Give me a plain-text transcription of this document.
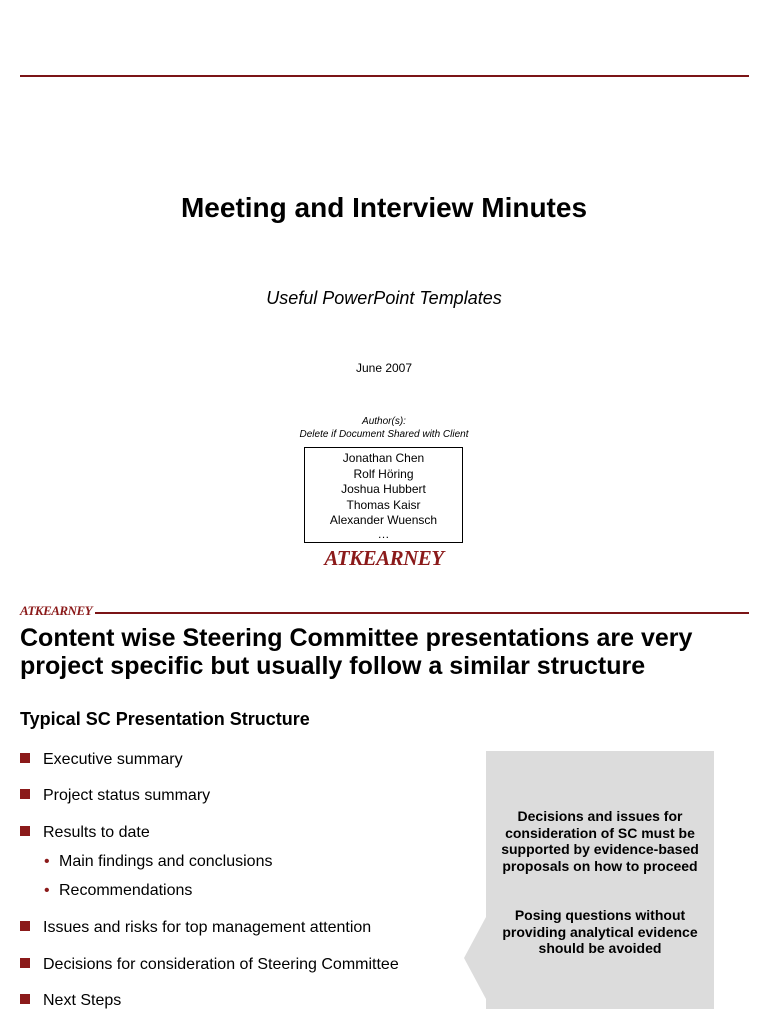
Meeting and Interview Minutes
Useful PowerPoint Templates
June 2007
Author(s):
Delete if Document Shared with Client
Jonathan Chen
Rolf Höring
Joshua Hubbert
Thomas Kaisr
Alexander Wuensch
…
ATKEARNEY
ATKEARNEY
Content wise Steering Committee presentations are very project specific but usually follow a similar structure
Typical SC Presentation Structure
Executive summary
Project status summary
Results to date
• Main findings and conclusions
• Recommendations
Issues and risks for top management attention
Decisions for consideration of Steering Committee
Next Steps
Decisions and issues for consideration of SC must be supported by evidence-based proposals on how to proceed
Posing questions without providing analytical evidence should be avoided
